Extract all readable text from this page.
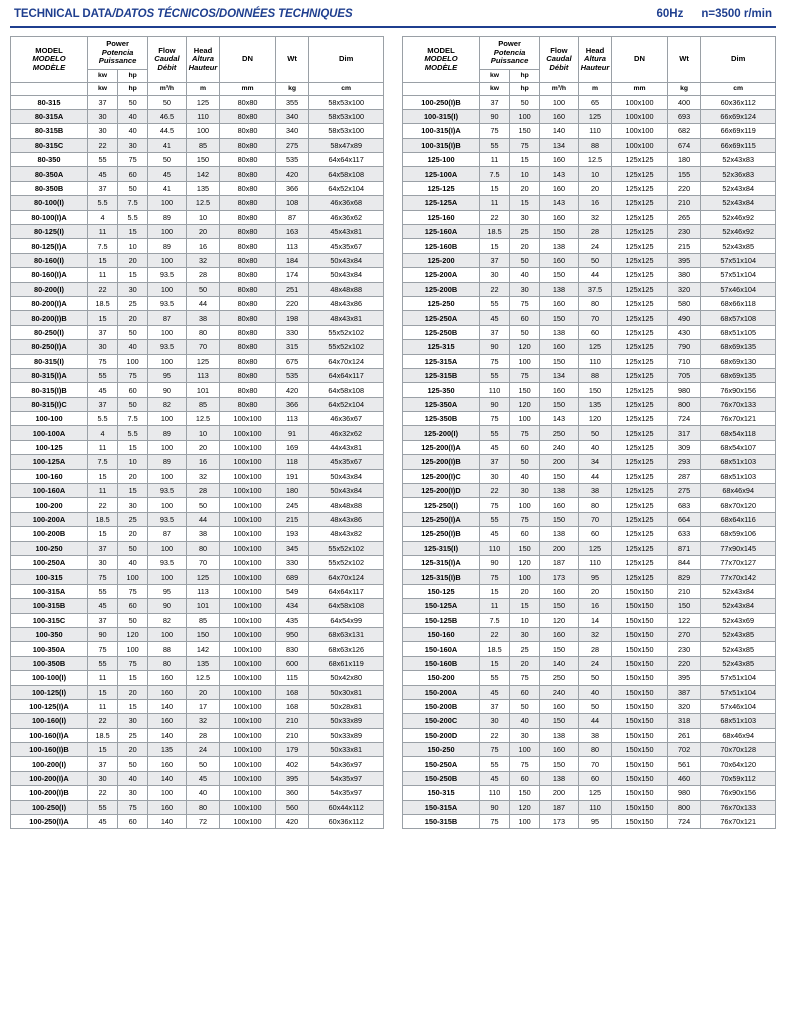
TECHNICAL DATA/DATOS TÉCNICOS/DONNÉES TECHNIQUES	60Hz n=3500 r/min
MODEL
MODELO
MODÈLE	Power
Potencia
Puissance		Flow
Caudal
Débit	Head
Altura
Hauteur	DN	Wt	Dim

	kw	hp					
	kw	hp	m³/h	m	mm	kg	cm
80-315	37	50	50	125	80x80	355	58x53x100
80-315A	30	40	46.5	110	80x80	340	58x53x100
80-315B	30	40	44.5	100	80x80	340	58x53x100
80-315C	22	30	41	85	80x80	275	58x47x89
80-350	55	75	50	150	80x80	535	64x64x117
80-350A	45	60	45	142	80x80	420	64x58x108
80-350B	37	50	41	135	80x80	366	64x52x104
80-100(I)	5.5	7.5	100	12.5	80x80	108	46x36x68
80-100(I)A	4	5.5	89	10	80x80	87	46x36x62
80-125(I)	11	15	100	20	80x80	163	45x43x81
80-125(I)A	7.5	10	89	16	80x80	113	45x35x67
80-160(I)	15	20	100	32	80x80	184	50x43x84
80-160(I)A	11	15	93.5	28	80x80	174	50x43x84
80-200(I)	22	30	100	50	80x80	251	48x48x88
80-200(I)A	18.5	25	93.5	44	80x80	220	48x43x86
80-200(I)B	15	20	87	38	80x80	198	48x43x81
80-250(I)	37	50	100	80	80x80	330	55x52x102
80-250(I)A	30	40	93.5	70	80x80	315	55x52x102
80-315(I)	75	100	100	125	80x80	675	64x70x124
80-315(I)A	55	75	95	113	80x80	535	64x64x117
80-315(I)B	45	60	90	101	80x80	420	64x58x108
80-315(I)C	37	50	82	85	80x80	366	64x52x104
100-100	5.5	7.5	100	12.5	100x100	113	46x36x67
100-100A	4	5.5	89	10	100x100	91	46x32x62
100-125	11	15	100	20	100x100	169	44x43x81
100-125A	7.5	10	89	16	100x100	118	45x35x67
100-160	15	20	100	32	100x100	191	50x43x84
100-160A	11	15	93.5	28	100x100	180	50x43x84
100-200	22	30	100	50	100x100	245	48x48x88
100-200A	18.5	25	93.5	44	100x100	215	48x43x86
100-200B	15	20	87	38	100x100	193	48x43x82
100-250	37	50	100	80	100x100	345	55x52x102
100-250A	30	40	93.5	70	100x100	330	55x52x102
100-315	75	100	100	125	100x100	689	64x70x124
100-315A	55	75	95	113	100x100	549	64x64x117
100-315B	45	60	90	101	100x100	434	64x58x108
100-315C	37	50	82	85	100x100	435	64x54x99
100-350	90	120	100	150	100x100	950	68x63x131
100-350A	75	100	88	142	100x100	830	68x63x126
100-350B	55	75	80	135	100x100	600	68x61x119
100-100(I)	11	15	160	12.5	100x100	115	50x42x80
100-125(I)	15	20	160	20	100x100	168	50x30x81
100-125(I)A	11	15	140	17	100x100	168	50x28x81
100-160(I)	22	30	160	32	100x100	210	50x33x89
100-160(I)A	18.5	25	140	28	100x100	210	50x33x89
100-160(I)B	15	20	135	24	100x100	179	50x33x81
100-200(I)	37	50	160	50	100x100	402	54x36x97
100-200(I)A	30	40	140	45	100x100	395	54x35x97
100-200(I)B	22	30	100	40	100x100	360	54x35x97
100-250(I)	55	75	160	80	100x100	560	60x44x112
100-250(I)A	45	60	140	72	100x100	420	60x36x112
MODEL
MODELO
MODÈLE	Power
Potencia
Puissance		Flow
Caudal
Débit	Head
Altura
Hauteur	DN	Wt	Dim

	kw	hp					
	kw	hp	m³/h	m	mm	kg	cm
100-250(I)B	37	50	100	65	100x100	400	60x36x112
100-315(I)	90	100	160	125	100x100	693	66x69x124
100-315(I)A	75	150	140	110	100x100	682	66x69x119
100-315(I)B	55	75	134	88	100x100	674	66x69x115
125-100	11	15	160	12.5	125x125	180	52x43x83
125-100A	7.5	10	143	10	125x125	155	52x36x83
125-125	15	20	160	20	125x125	220	52x43x84
125-125A	11	15	143	16	125x125	210	52x43x84
125-160	22	30	160	32	125x125	265	52x46x92
125-160A	18.5	25	150	28	125x125	230	52x46x92
125-160B	15	20	138	24	125x125	215	52x43x85
125-200	37	50	160	50	125x125	395	57x51x104
125-200A	30	40	150	44	125x125	380	57x51x104
125-200B	22	30	138	37.5	125x125	320	57x46x104
125-250	55	75	160	80	125x125	580	68x66x118
125-250A	45	60	150	70	125x125	490	68x57x108
125-250B	37	50	138	60	125x125	430	68x51x105
125-315	90	120	160	125	125x125	790	68x69x135
125-315A	75	100	150	110	125x125	710	68x69x130
125-315B	55	75	134	88	125x125	705	68x69x135
125-350	110	150	160	150	125x125	980	76x90x156
125-350A	90	120	150	135	125x125	800	76x70x133
125-350B	75	100	143	120	125x125	724	76x70x121
125-200(I)	55	75	250	50	125x125	317	68x54x118
125-200(I)A	45	60	240	40	125x125	309	68x54x107
125-200(I)B	37	50	200	34	125x125	293	68x51x103
125-200(I)C	30	40	150	44	125x125	287	68x51x103
125-200(I)D	22	30	138	38	125x125	275	68x46x94
125-250(I)	75	100	160	80	125x125	683	68x70x120
125-250(I)A	55	75	150	70	125x125	664	68x64x116
125-250(I)B	45	60	138	60	125x125	633	68x59x106
125-315(I)	110	150	200	125	125x125	871	77x90x145
125-315(I)A	90	120	187	110	125x125	844	77x70x127
125-315(I)B	75	100	173	95	125x125	829	77x70x142
150-125	15	20	160	20	150x150	210	52x43x84
150-125A	11	15	150	16	150x150	150	52x43x84
150-125B	7.5	10	120	14	150x150	122	52x43x69
150-160	22	30	160	32	150x150	270	52x43x85
150-160A	18.5	25	150	28	150x150	230	52x43x85
150-160B	15	20	140	24	150x150	220	52x43x85
150-200	55	75	250	50	150x150	395	57x51x104
150-200A	45	60	240	40	150x150	387	57x51x104
150-200B	37	50	160	50	150x150	320	57x46x104
150-200C	30	40	150	44	150x150	318	68x51x103
150-200D	22	30	138	38	150x150	261	68x46x94
150-250	75	100	160	80	150x150	702	70x70x128
150-250A	55	75	150	70	150x150	561	70x64x120
150-250B	45	60	138	60	150x150	460	70x59x112
150-315	110	150	200	125	150x150	980	76x90x156
150-315A	90	120	187	110	150x150	800	76x70x133
150-315B	75	100	173	95	150x150	724	76x70x121
